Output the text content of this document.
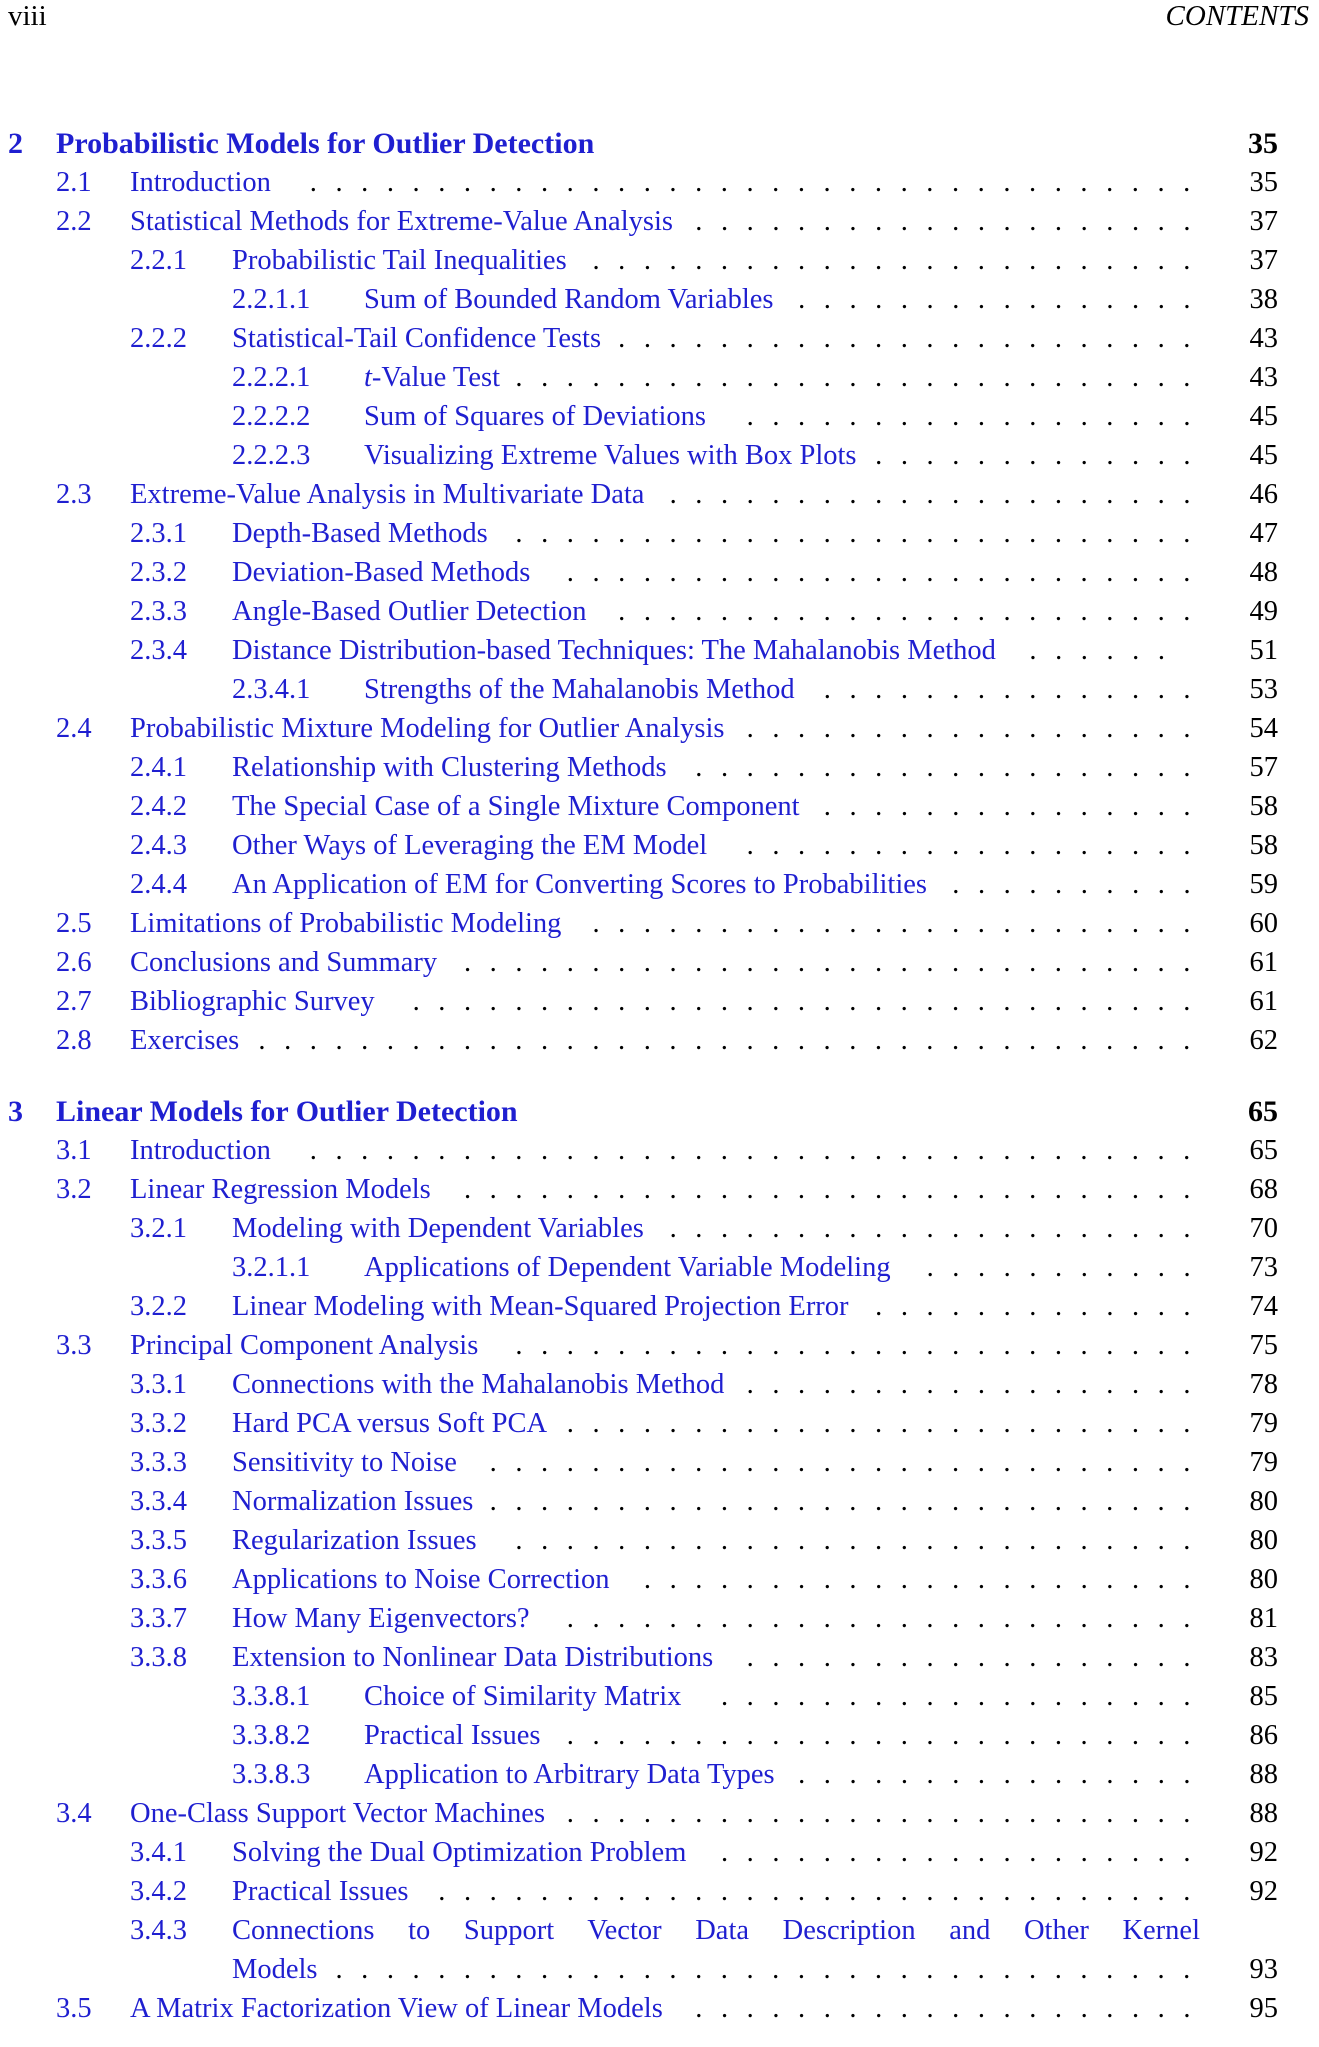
viii	CONTENTS
2 Probabilistic Models for Outlier Detection	35
2.1 Introduction	35
. . . . . . . . . . . . . . . . . . . . . . . . . . . . . . . . . . .
2.2 Statistical Methods for Extreme-Value Analysis	37
. . . . . . . . . . . . . . . . . . . .
2.2.1 Probabilistic Tail Inequalities	37
. . . . . . . . . . . . . . . . . . . . . . . .
2.2.1.1 Sum of Bounded Random Variables	38
. . . . . . . . . . . . . . . .
2.2.2 Statistical-Tail Confidence Tests	43
. . . . . . . . . . . . . . . . . . . . . . .
2.2.2.1 t-Value Test	43
. . . . . . . . . . . . . . . . . . . . . . . . . . .
2.2.2.2 Sum of Squares of Deviations	45
. . . . . . . . . . . . . . . . . .
2.2.2.3 Visualizing Extreme Values with Box Plots	45
. . . . . . . . . . . . .
2.3 Extreme-Value Analysis in Multivariate Data	46
. . . . . . . . . . . . . . . . . . . . .
2.3.1 Depth-Based Methods	47
. . . . . . . . . . . . . . . . . . . . . . . . . . .
2.3.2 Deviation-Based Methods	48
. . . . . . . . . . . . . . . . . . . . . . . . .
2.3.3 Angle-Based Outlier Detection	49
. . . . . . . . . . . . . . . . . . . . . . .
2.3.4 Distance Distribution-based Techniques: The Mahalanobis Method	51
. . . . . .
2.3.4.1 Strengths of the Mahalanobis Method	53
. . . . . . . . . . . . . . .
2.4 Probabilistic Mixture Modeling for Outlier Analysis	54
. . . . . . . . . . . . . . . . . .
2.4.1 Relationship with Clustering Methods	57
. . . . . . . . . . . . . . . . . . . .
2.4.2 The Special Case of a Single Mixture Component	58
. . . . . . . . . . . . . . .
2.4.3 Other Ways of Leveraging the EM Model	58
. . . . . . . . . . . . . . . . . .
2.4.4 An Application of EM for Converting Scores to Probabilities	59
. . . . . . . . . .
2.5 Limitations of Probabilistic Modeling	60
. . . . . . . . . . . . . . . . . . . . . . . .
2.6 Conclusions and Summary	61
. . . . . . . . . . . . . . . . . . . . . . . . . . . . .
2.7 Bibliographic Survey	61
. . . . . . . . . . . . . . . . . . . . . . . . . . . . . . .
2.8 Exercises	62
. . . . . . . . . . . . . . . . . . . . . . . . . . . . . . . . . . . . .
3 Linear Models for Outlier Detection	65
3.1 Introduction	65
. . . . . . . . . . . . . . . . . . . . . . . . . . . . . . . . . . .
3.2 Linear Regression Models	68
. . . . . . . . . . . . . . . . . . . . . . . . . . . . .
3.2.1 Modeling with Dependent Variables	70
. . . . . . . . . . . . . . . . . . . . .
3.2.1.1 Applications of Dependent Variable Modeling	73
. . . . . . . . . . .
3.2.2 Linear Modeling with Mean-Squared Projection Error	74
. . . . . . . . . . . . .
3.3 Principal Component Analysis	75
. . . . . . . . . . . . . . . . . . . . . . . . . . .
3.3.1 Connections with the Mahalanobis Method	78
. . . . . . . . . . . . . . . . . .
3.3.2 Hard PCA versus Soft PCA	79
. . . . . . . . . . . . . . . . . . . . . . . . .
3.3.3 Sensitivity to Noise	79
. . . . . . . . . . . . . . . . . . . . . . . . . . . .
3.3.4 Normalization Issues	80
. . . . . . . . . . . . . . . . . . . . . . . . . . . .
3.3.5 Regularization Issues	80
. . . . . . . . . . . . . . . . . . . . . . . . . . .
3.3.6 Applications to Noise Correction	80
. . . . . . . . . . . . . . . . . . . . . .
3.3.7 How Many Eigenvectors?	81
. . . . . . . . . . . . . . . . . . . . . . . . .
3.3.8 Extension to Nonlinear Data Distributions	83
. . . . . . . . . . . . . . . . . .
3.3.8.1 Choice of Similarity Matrix	85
. . . . . . . . . . . . . . . . . . .
3.3.8.2 Practical Issues	86
. . . . . . . . . . . . . . . . . . . . . . . . .
3.3.8.3 Application to Arbitrary Data Types	88
. . . . . . . . . . . . . . . .
3.4 One-Class Support Vector Machines	88
. . . . . . . . . . . . . . . . . . . . . . . . .
3.4.1 Solving the Dual Optimization Problem	92
. . . . . . . . . . . . . . . . . . .
3.4.2 Practical Issues	92
. . . . . . . . . . . . . . . . . . . . . . . . . . . . . .
3.4.3 Connections to Support Vector Data Description and Other Kernel
Models	93
. . . . . . . . . . . . . . . . . . . . . . . . . . . . . . . . . .
3.5 A Matrix Factorization View of Linear Models	95
. . . . . . . . . . . . . . . . . . . .
